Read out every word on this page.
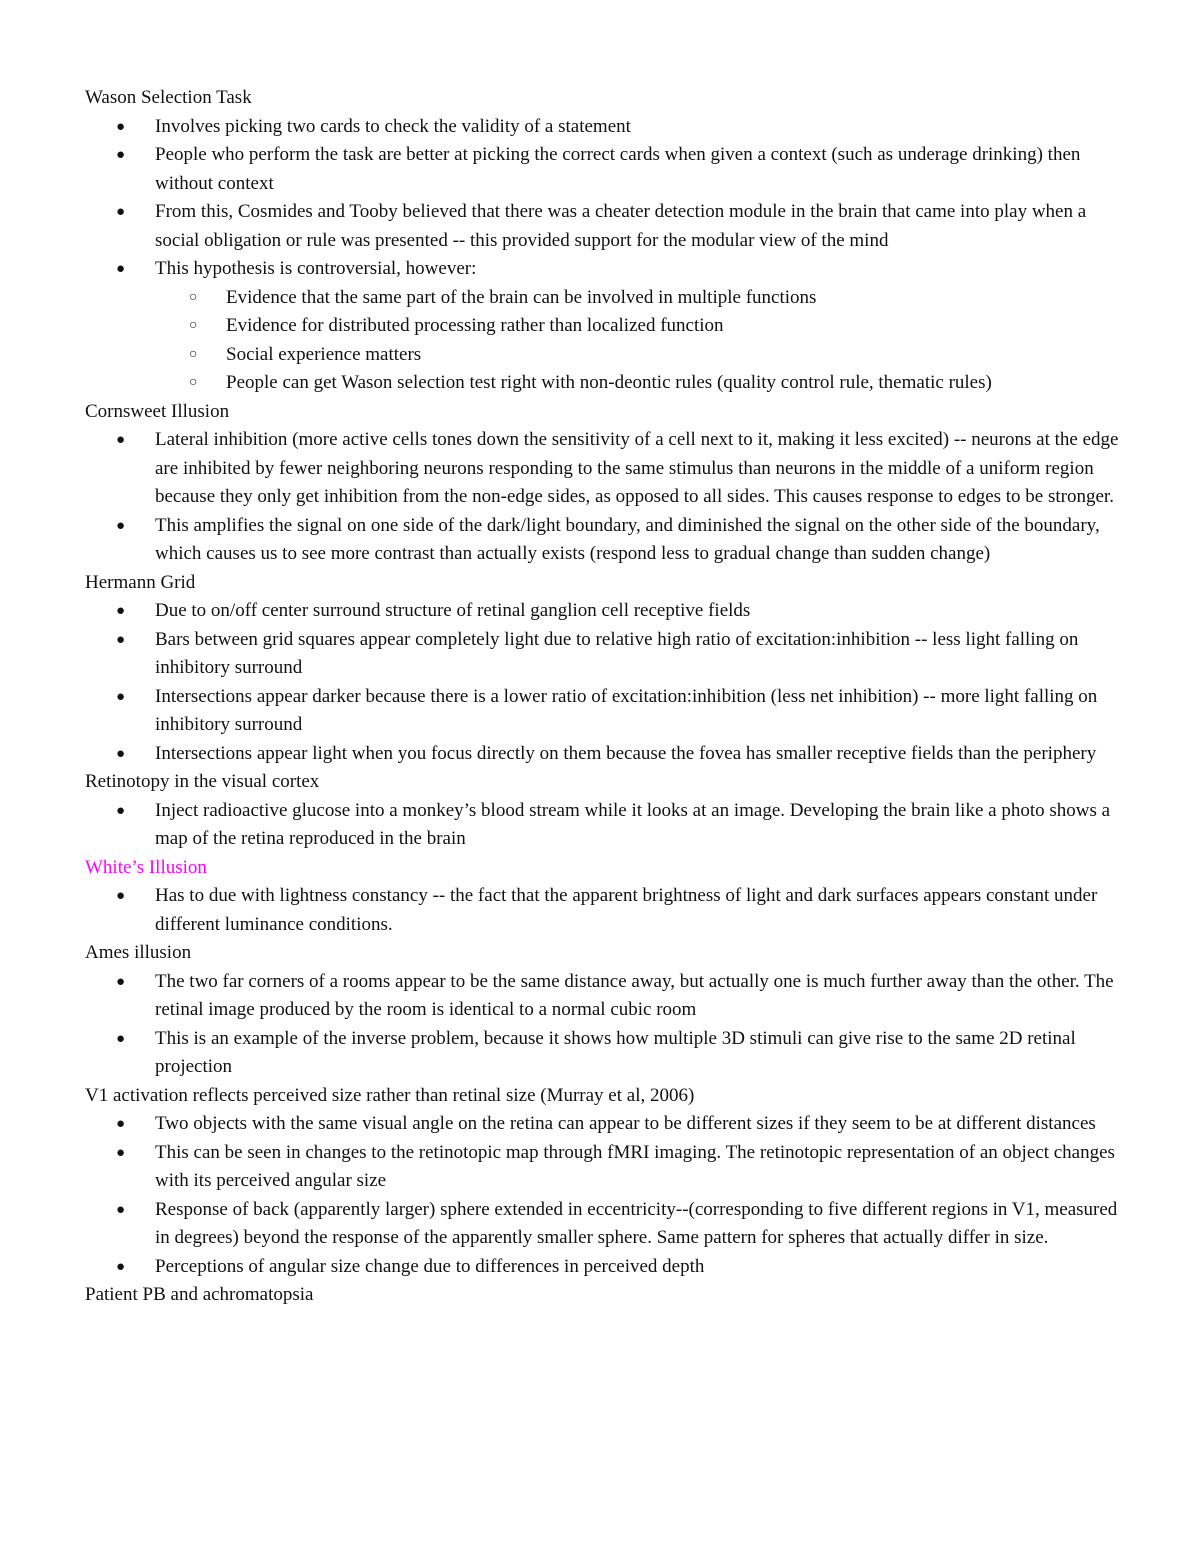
Wason Selection Task
● Involves picking two cards to check the validity of a statement
● People who perform the task are better at picking the correct cards when given a context (such as underage drinking) then without context
● From this, Cosmides and Tooby believed that there was a cheater detection module in the brain that came into play when a social obligation or rule was presented -- this provided support for the modular view of the mind
● This hypothesis is controversial, however:
○ Evidence that the same part of the brain can be involved in multiple functions
○ Evidence for distributed processing rather than localized function
○ Social experience matters
○ People can get Wason selection test right with non-deontic rules (quality control rule, thematic rules)
Cornsweet Illusion
● Lateral inhibition (more active cells tones down the sensitivity of a cell next to it, making it less excited) -- neurons at the edge are inhibited by fewer neighboring neurons responding to the same stimulus than neurons in the middle of a uniform region because they only get inhibition from the non-edge sides, as opposed to all sides. This causes response to edges to be stronger.
● This amplifies the signal on one side of the dark/light boundary, and diminished the signal on the other side of the boundary, which causes us to see more contrast than actually exists (respond less to gradual change than sudden change)
Hermann Grid
● Due to on/off center surround structure of retinal ganglion cell receptive fields
● Bars between grid squares appear completely light due to relative high ratio of excitation:inhibition -- less light falling on inhibitory surround
● Intersections appear darker because there is a lower ratio of excitation:inhibition (less net inhibition) -- more light falling on inhibitory surround
● Intersections appear light when you focus directly on them because the fovea has smaller receptive fields than the periphery
Retinotopy in the visual cortex
● Inject radioactive glucose into a monkey’s blood stream while it looks at an image. Developing the brain like a photo shows a map of the retina reproduced in the brain
White’s Illusion
● Has to due with lightness constancy -- the fact that the apparent brightness of light and dark surfaces appears constant under different luminance conditions.
Ames illusion
● The two far corners of a rooms appear to be the same distance away, but actually one is much further away than the other. The retinal image produced by the room is identical to a normal cubic room
● This is an example of the inverse problem, because it shows how multiple 3D stimuli can give rise to the same 2D retinal projection
V1 activation reflects perceived size rather than retinal size (Murray et al, 2006)
● Two objects with the same visual angle on the retina can appear to be different sizes if they seem to be at different distances
● This can be seen in changes to the retinotopic map through fMRI imaging. The retinotopic representation of an object changes with its perceived angular size
● Response of back (apparently larger) sphere extended in eccentricity--(corresponding to five different regions in V1, measured in degrees) beyond the response of the apparently smaller sphere. Same pattern for spheres that actually differ in size.
● Perceptions of angular size change due to differences in perceived depth
Patient PB and achromatopsia
